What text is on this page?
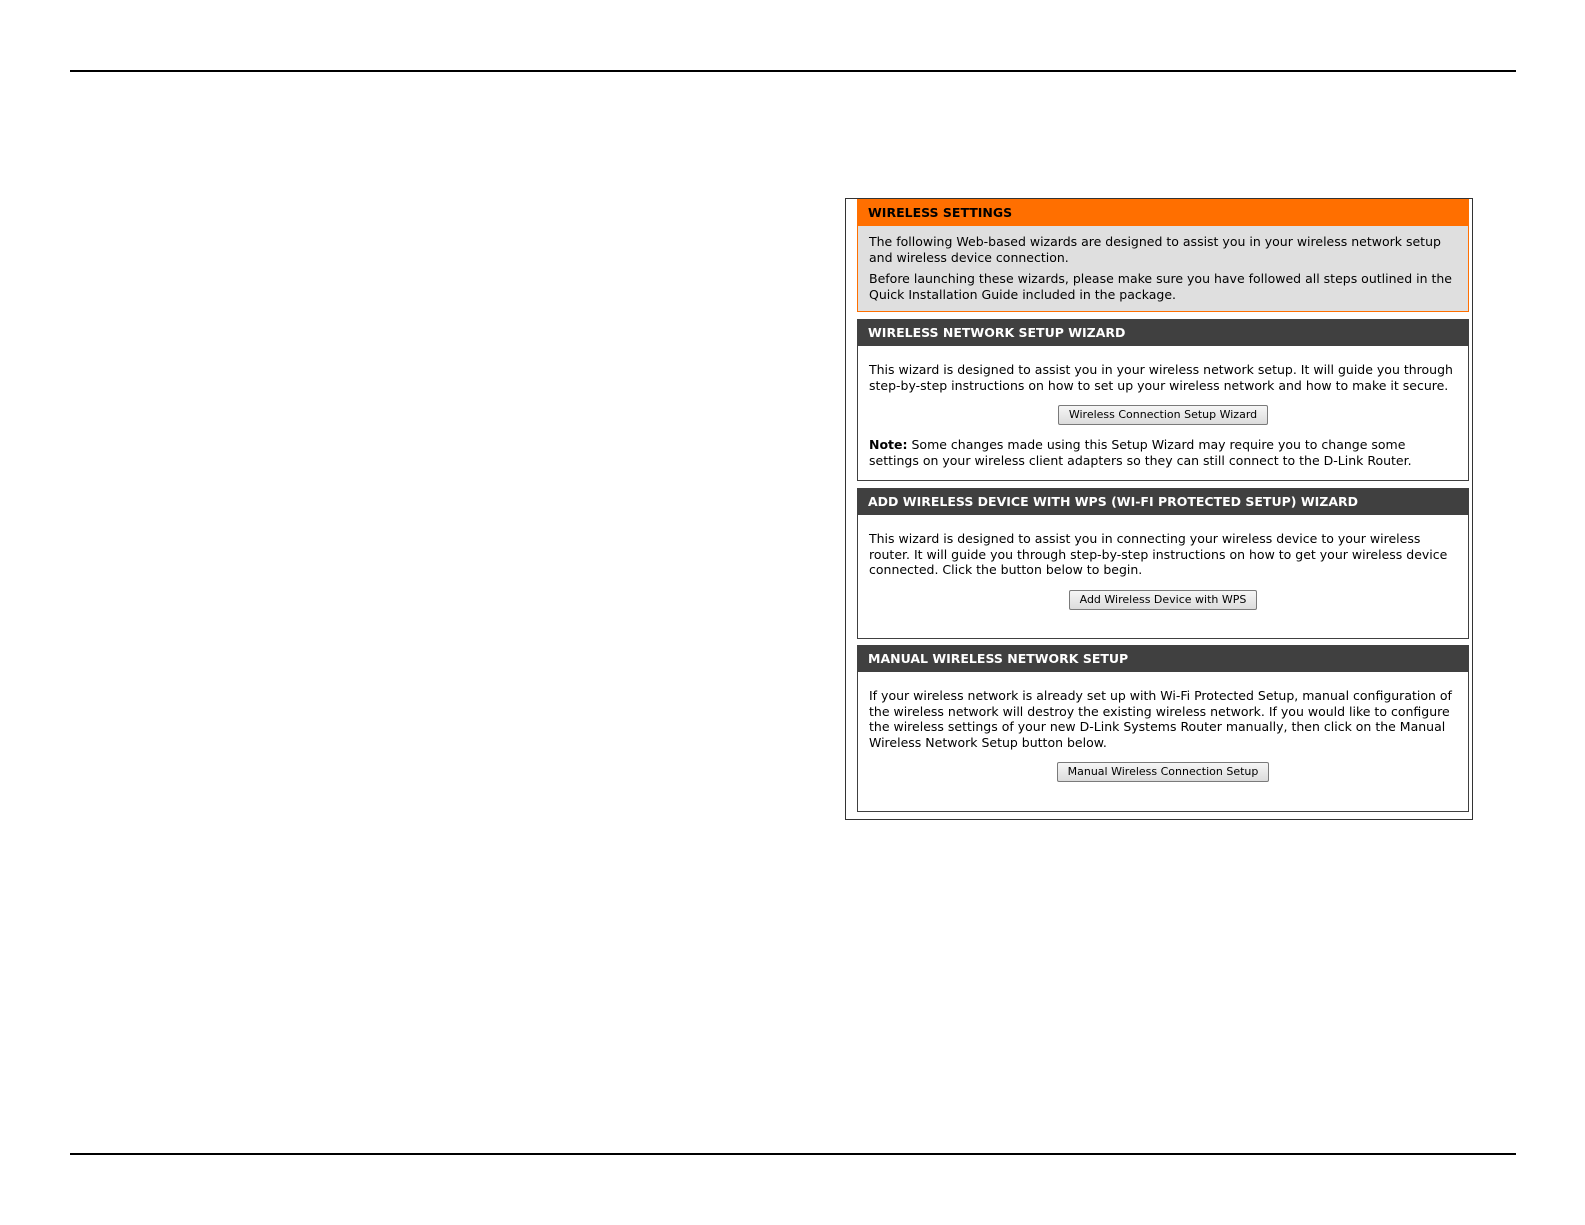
WIRELESS SETTINGS

The following Web-based wizards are designed to assist you in your wireless network setup and wireless device connection.

Before launching these wizards, please make sure you have followed all steps outlined in the Quick Installation Guide included in the package.

WIRELESS NETWORK SETUP WIZARD

This wizard is designed to assist you in your wireless network setup. It will guide you through step-by-step instructions on how to set up your wireless network and how to make it secure.

Wireless Connection Setup Wizard

Note: Some changes made using this Setup Wizard may require you to change some settings on your wireless client adapters so they can still connect to the D-Link Router.

ADD WIRELESS DEVICE WITH WPS (WI-FI PROTECTED SETUP) WIZARD

This wizard is designed to assist you in connecting your wireless device to your wireless router. It will guide you through step-by-step instructions on how to get your wireless device connected. Click the button below to begin.

Add Wireless Device with WPS
MANUAL WIRELESS NETWORK SETUP

If your wireless network is already set up with Wi-Fi Protected Setup, manual configuration of the wireless network will destroy the existing wireless network. If you would like to configure the wireless settings of your new D-Link Systems Router manually, then click on the Manual Wireless Network Setup button below.

Manual Wireless Connection Setup
